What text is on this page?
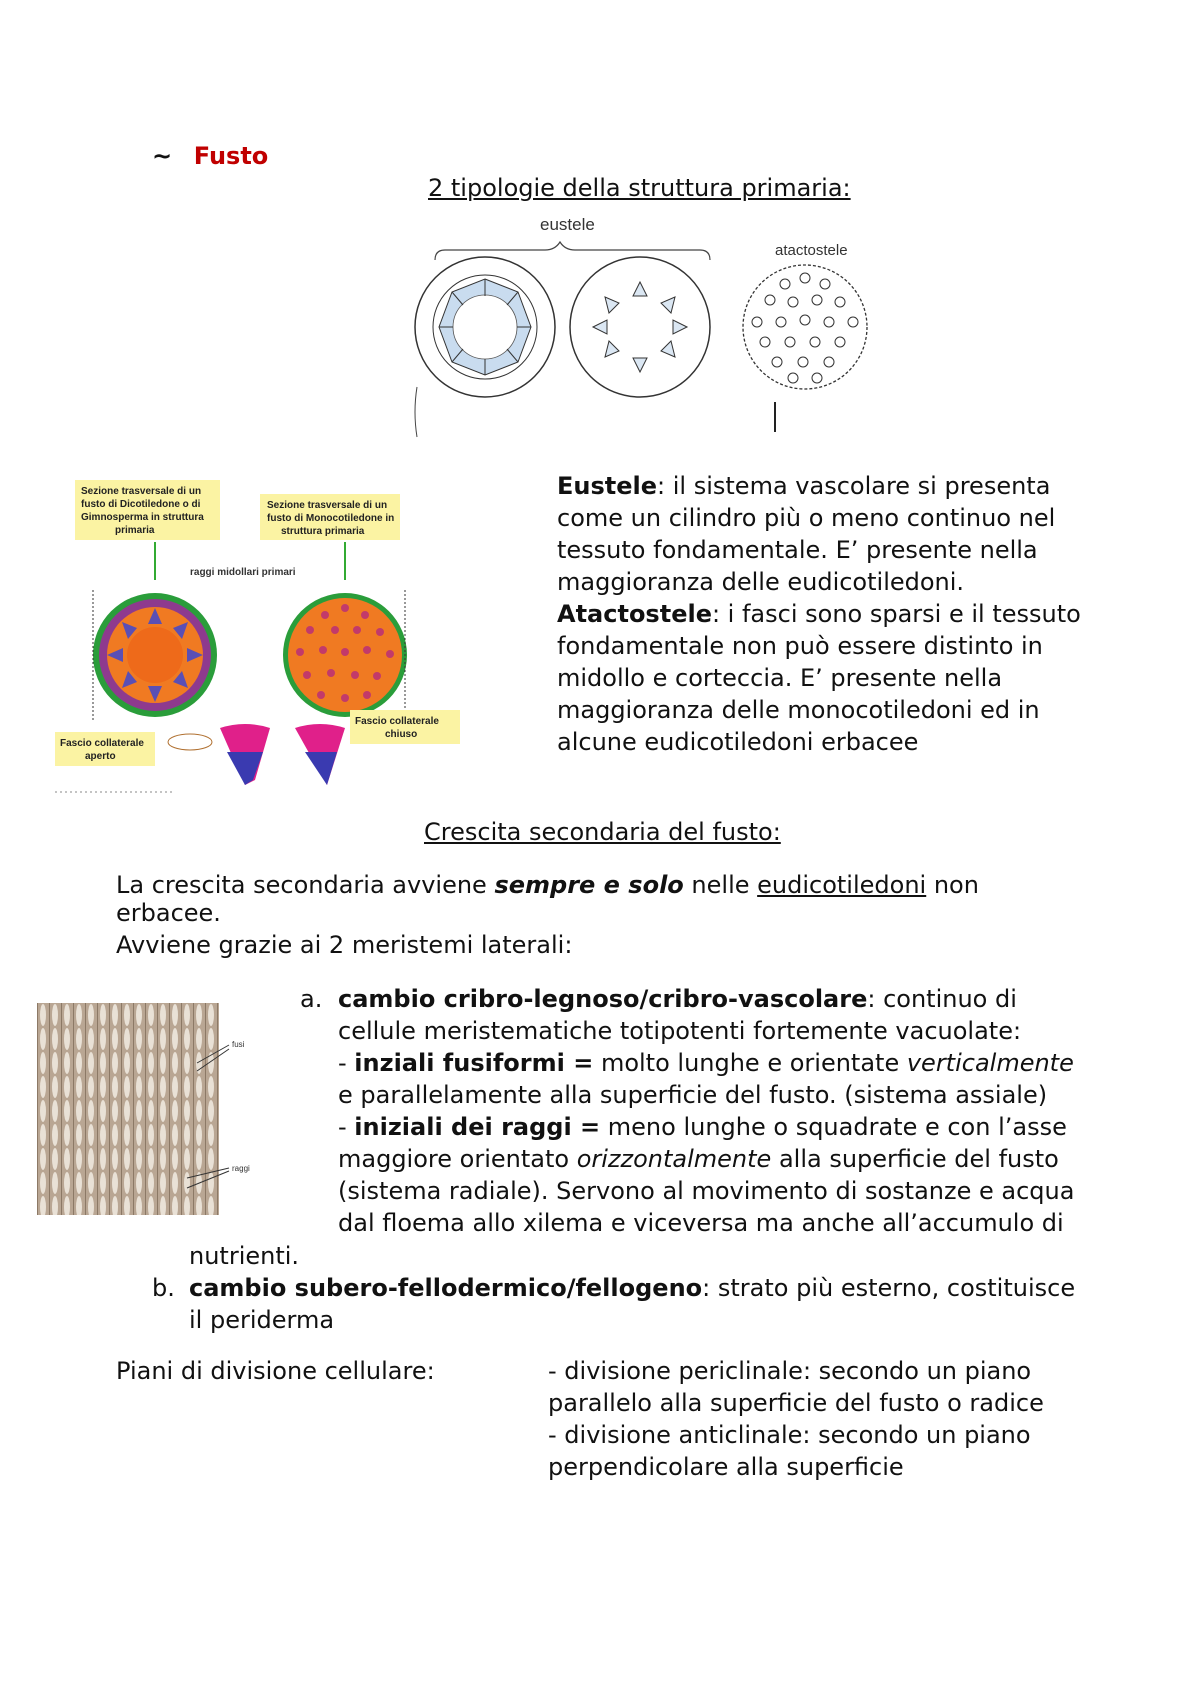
~ Fusto
2 tipologie della struttura primaria:
eustele
atactostele
Sezione trasversale di un
fusto di Dicotiledone o di
Gimnosperma in struttura
primaria
Sezione trasversale di un
fusto di Monocotiledone in
struttura primaria
raggi midollari primari
Fascio collaterale
aperto
Fascio collaterale
chiuso
Eustele: il sistema vascolare si presenta
come un cilindro più o meno continuo nel
tessuto fondamentale. E’ presente nella
maggioranza delle eudicotiledoni.
Atactostele: i fasci sono sparsi e il tessuto
fondamentale non può essere distinto in
midollo e corteccia. E’ presente nella
maggioranza delle monocotiledoni ed in
alcune eudicotiledoni erbacee
Crescita secondaria del fusto:
La crescita secondaria avviene sempre e solo nelle eudicotiledoni non
erbacee.
Avviene grazie ai 2 meristemi laterali:
fusi
raggi
a. cambio cribro-legnoso/cribro-vascolare: continuo di
cellule meristematiche totipotenti fortemente vacuolate:
- inziali fusiformi = molto lunghe e orientate verticalmente
e parallelamente alla superficie del fusto. (sistema assiale)
- iniziali dei raggi = meno lunghe o squadrate e con l’asse
maggiore orientato orizzontalmente alla superficie del fusto
(sistema radiale). Servono al movimento di sostanze e acqua
dal floema allo xilema e viceversa ma anche all’accumulo di
nutrienti.
b. cambio subero-fellodermico/fellogeno: strato più esterno, costituisce
il periderma
Piani di divisione cellulare:	- divisione periclinale: secondo un piano
parallelo alla superficie del fusto o radice
- divisione anticlinale: secondo un piano
perpendicolare alla superficie
